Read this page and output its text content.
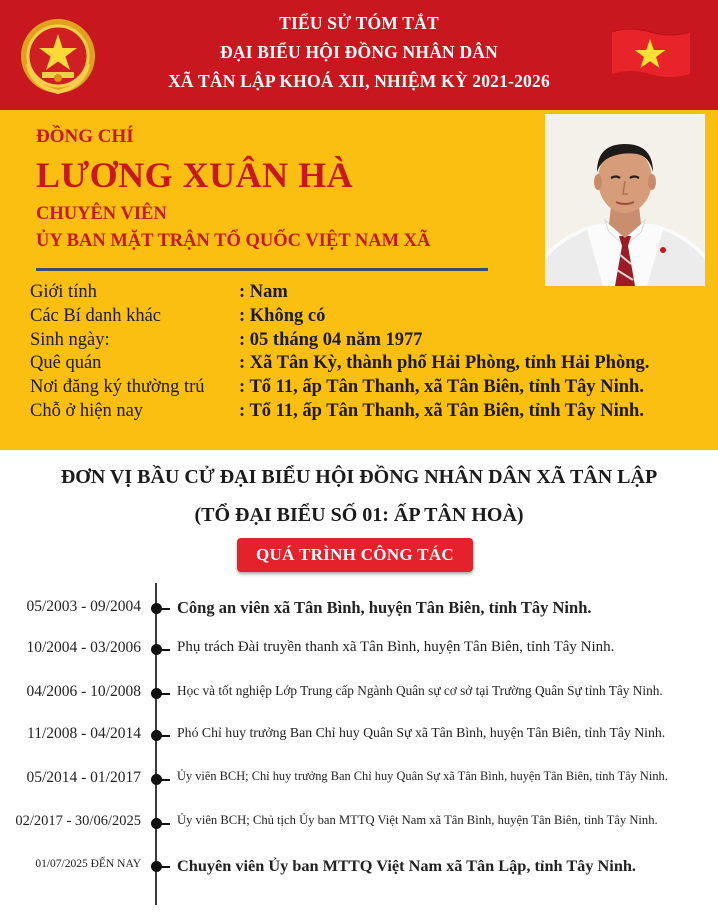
TIỂU SỬ TÓM TẮT
ĐẠI BIỂU HỘI ĐỒNG NHÂN DÂN
XÃ TÂN LẬP KHOÁ XII, NHIỆM KỲ 2021-2026
ĐỒNG CHÍ
LƯƠNG XUÂN HÀ
CHUYÊN VIÊN
ỦY BAN MẶT TRẬN TỔ QUỐC VIỆT NAM XÃ
Giới tính	: Nam
Các Bí danh khác	: Không có
Sinh ngày:	: 05 tháng 04 năm 1977
Quê quán	: Xã Tân Kỳ, thành phố Hải Phòng, tỉnh Hải Phòng.
Nơi đăng ký thường trú : Tổ 11, ấp Tân Thanh, xã Tân Biên, tỉnh Tây Ninh.
Chỗ ở hiện nay	: Tổ 11, ấp Tân Thanh, xã Tân Biên, tỉnh Tây Ninh.
ĐƠN VỊ BẦU CỬ ĐẠI BIỂU HỘI ĐỒNG NHÂN DÂN XÃ TÂN LẬP
(TỔ ĐẠI BIỂU SỐ 01: ẤP TÂN HOÀ)
QUÁ TRÌNH CÔNG TÁC
05/2003 - 09/2004 Công an viên xã Tân Bình, huyện Tân Biên, tỉnh Tây Ninh.
10/2004 - 03/2006 Phụ trách Đài truyền thanh xã Tân Bình, huyện Tân Biên, tỉnh Tây Ninh.
04/2006 - 10/2008	Học và tốt nghiệp Lớp Trung cấp Ngành Quân sự cơ sở tại Trường Quân Sự tỉnh Tây Ninh.
11/2008 - 04/2014	Phó Chỉ huy trưởng Ban Chỉ huy Quân Sự xã Tân Bình, huyện Tân Biên, tỉnh Tây Ninh.
05/2014 - 01/2017	Ủy viên BCH; Chỉ huy trưởng Ban Chỉ huy Quân Sự xã Tân Bình, huyện Tân Biên, tỉnh Tây Ninh.
02/2017 - 30/06/2025	Ủy viên BCH; Chủ tịch Ủy ban MTTQ Việt Nam xã Tân Bình, huyện Tân Biên, tỉnh Tây Ninh.
01/07/2025 ĐẾN NAY Chuyên viên Ủy ban MTTQ Việt Nam xã Tân Lập, tỉnh Tây Ninh.
